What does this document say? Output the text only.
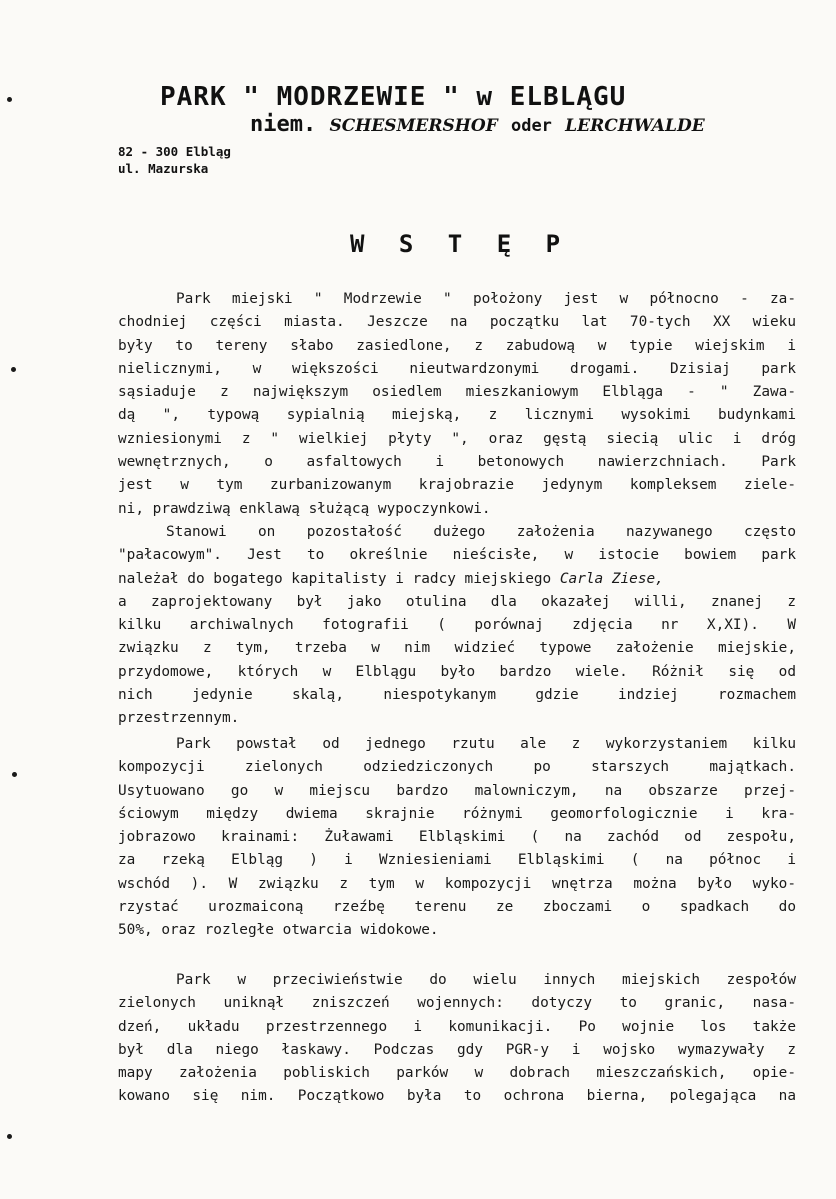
PARK " MODRZEWIE " w ELBLĄGU
niem. SCHESMERSHOF oder LERCHWALDE
82 - 300 Elbląg
ul. Mazurska
W S T Ę P
Park miejski " Modrzewie " położony jest w północno - za-
chodniej części miasta. Jeszcze na początku lat 70-tych XX wieku
były to tereny słabo zasiedlone, z zabudową w typie wiejskim i
nielicznymi, w większości nieutwardzonymi drogami. Dzisiaj park
sąsiaduje z największym osiedlem mieszkaniowym Elbląga - " Zawa-
dą ", typową sypialnią miejską, z licznymi wysokimi budynkami
wzniesionymi z " wielkiej płyty ", oraz gęstą siecią ulic i dróg
wewnętrznych, o asfaltowych i betonowych nawierzchniach. Park
jest w tym zurbanizowanym krajobrazie jedynym kompleksem ziele-
ni, prawdziwą enklawą służącą wypoczynkowi.
Stanowi on pozostałość dużego założenia nazywanego często
"pałacowym". Jest to określnie nieścisłe, w istocie bowiem park
należał do bogatego kapitalisty i radcy miejskiego Carla Ziese,
a zaprojektowany był jako otulina dla okazałej willi, znanej z
kilku archiwalnych fotografii ( porównaj zdjęcia nr X,XI). W
związku z tym, trzeba w nim widzieć typowe założenie miejskie,
przydomowe, których w Elblągu było bardzo wiele. Różnił się od
nich jedynie skalą, niespotykanym gdzie indziej rozmachem
przestrzennym.
Park powstał od jednego rzutu ale z wykorzystaniem kilku
kompozycji zielonych odziedziczonych po starszych majątkach.
Usytuowano go w miejscu bardzo malowniczym, na obszarze przej-
ściowym między dwiema skrajnie różnymi geomorfologicznie i kra-
jobrazowo krainami: Żuławami Elbląskimi ( na zachód od zespołu,
za rzeką Elbląg ) i Wzniesieniami Elbląskimi ( na północ i
wschód ). W związku z tym w kompozycji wnętrza można było wyko-
rzystać urozmaiconą rzeźbę terenu ze zboczami o spadkach do
50%, oraz rozległe otwarcia widokowe.
Park w przeciwieństwie do wielu innych miejskich zespołów
zielonych uniknął zniszczeń wojennych: dotyczy to granic, nasa-
dzeń, układu przestrzennego i komunikacji. Po wojnie los także
był dla niego łaskawy. Podczas gdy PGR-y i wojsko wymazywały z
mapy założenia pobliskich parków w dobrach mieszczańskich, opie-
kowano się nim. Początkowo była to ochrona bierna, polegająca na
